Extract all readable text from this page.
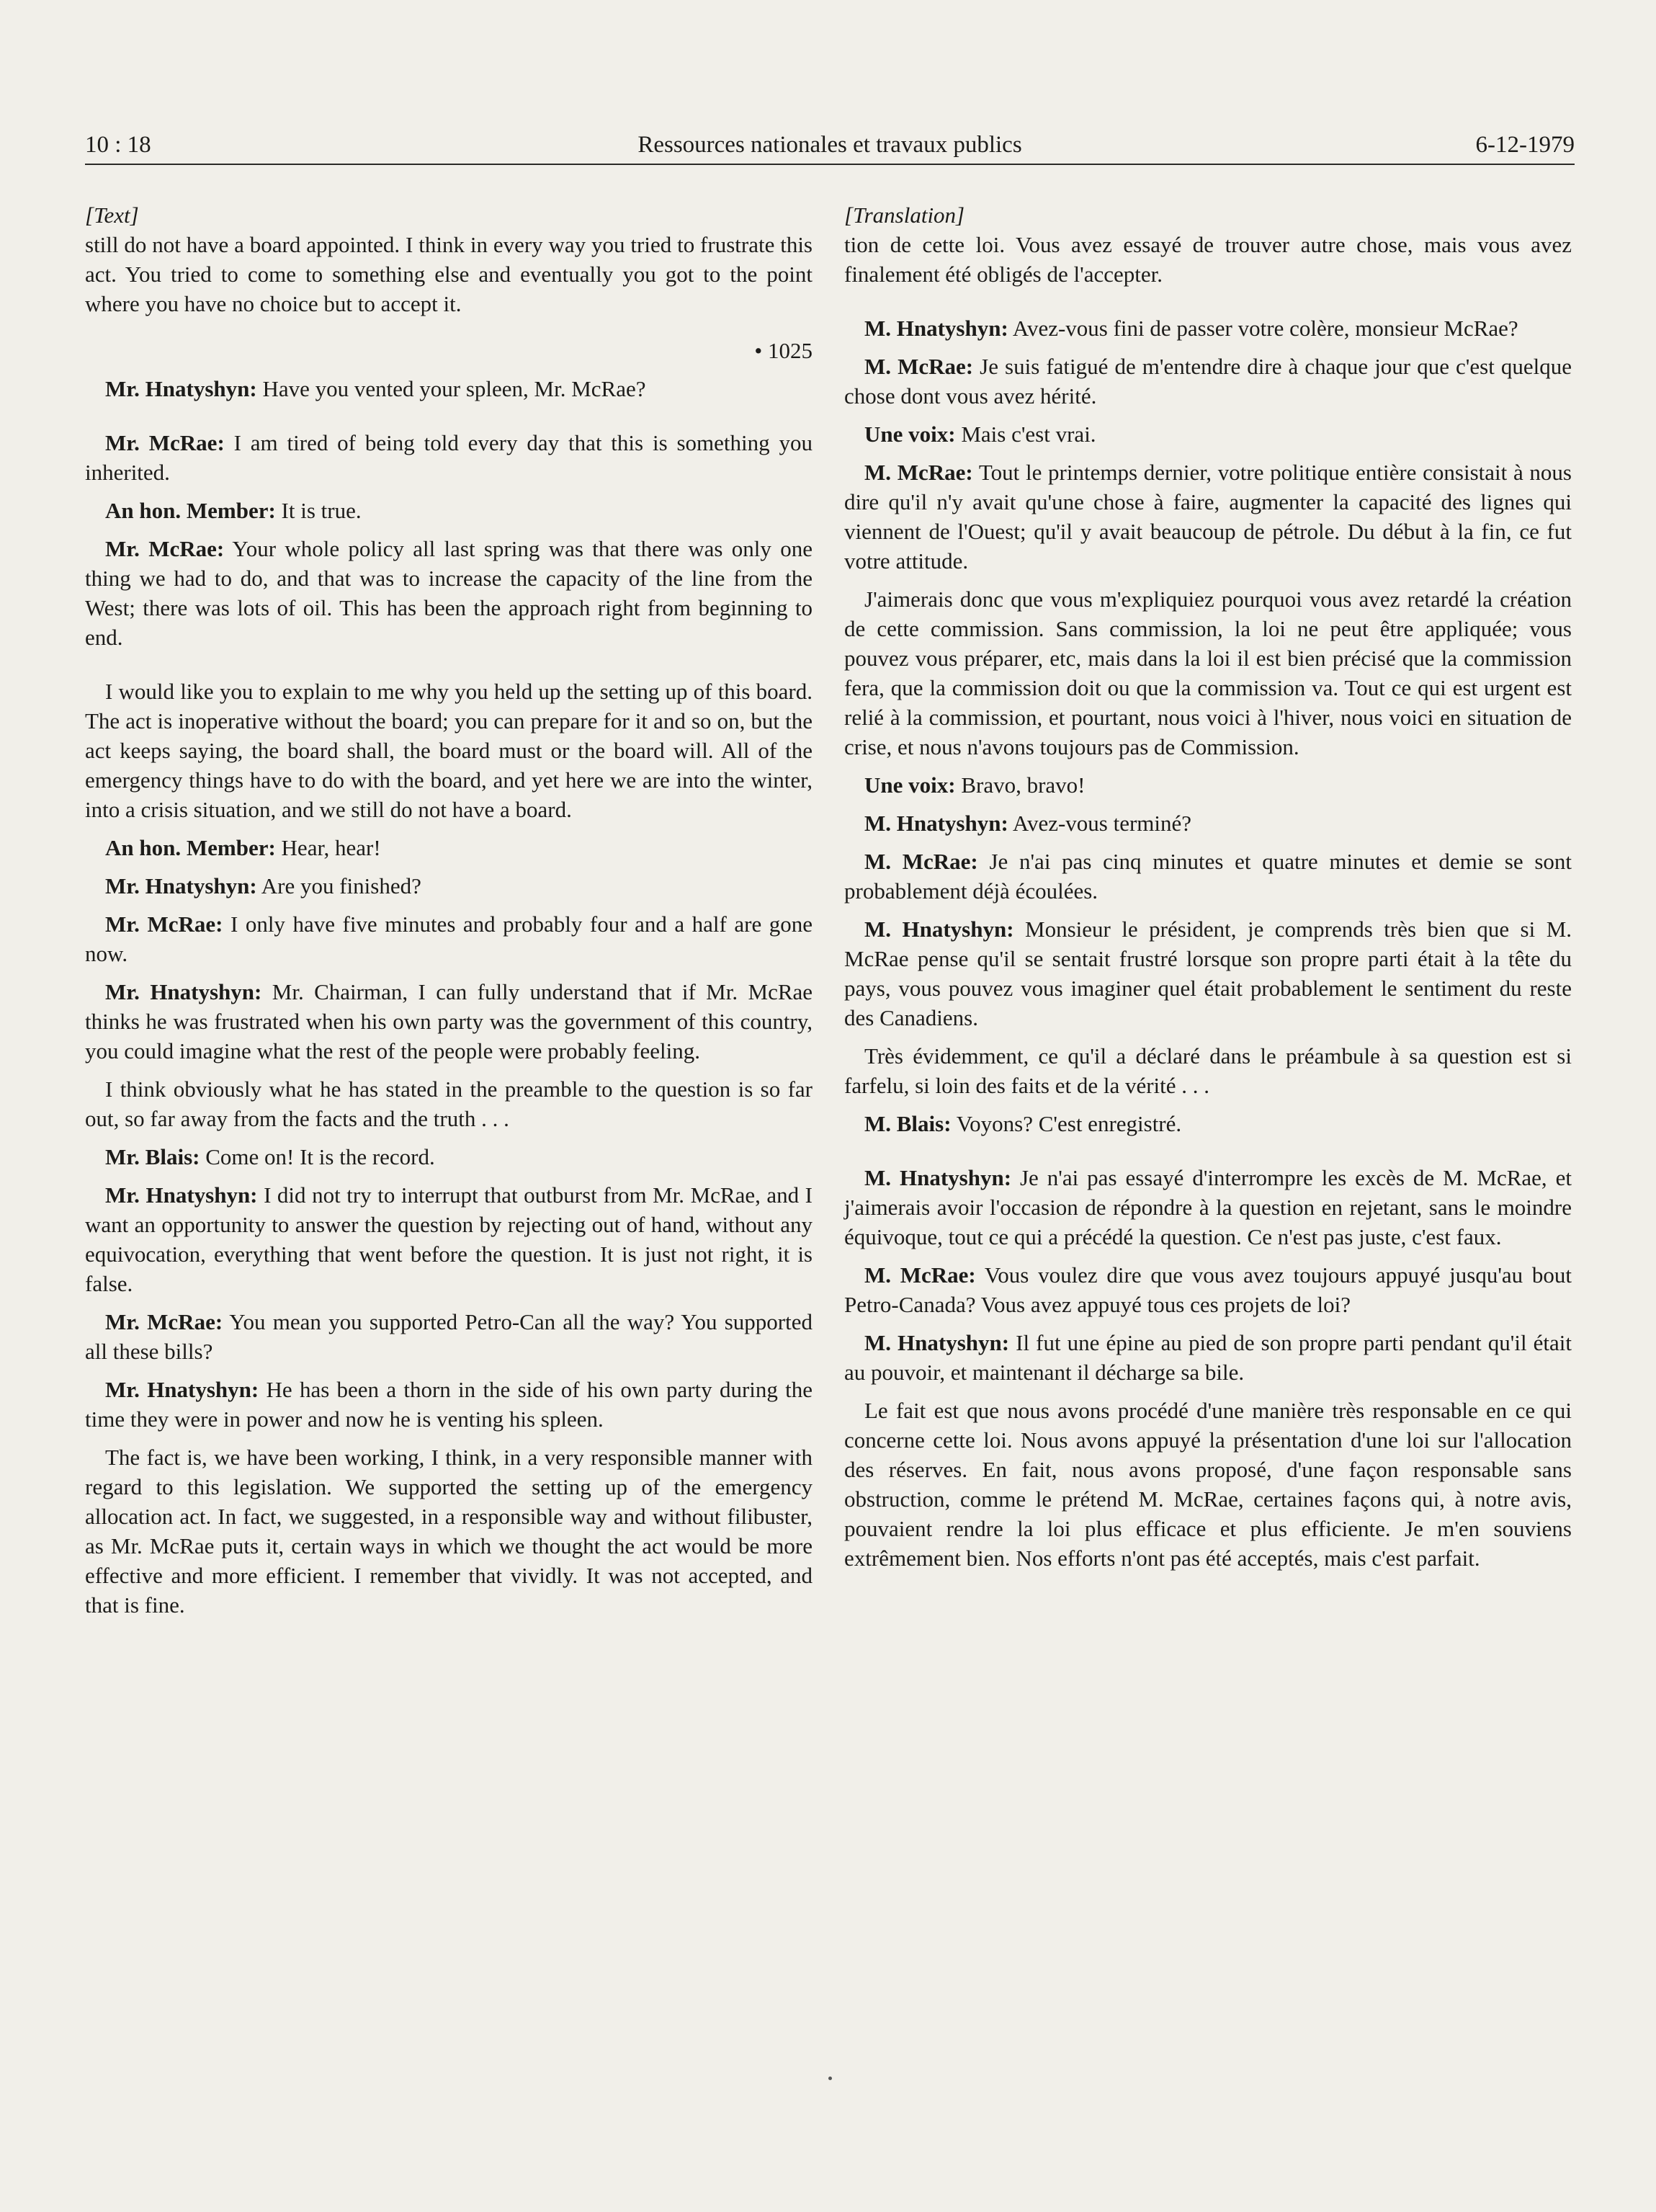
10 : 18	Ressources nationales et travaux publics	6-12-1979

[Text]

still do not have a board appointed. I think in every way you tried to frustrate this act. You tried to come to something else and eventually you got to the point where you have no choice but to accept it.

• 1025

Mr. Hnatyshyn: Have you vented your spleen, Mr. McRae?

Mr. McRae: I am tired of being told every day that this is something you inherited.

An hon. Member: It is true.

Mr. McRae: Your whole policy all last spring was that there was only one thing we had to do, and that was to increase the capacity of the line from the West; there was lots of oil. This has been the approach right from beginning to end.

I would like you to explain to me why you held up the setting up of this board. The act is inoperative without the board; you can prepare for it and so on, but the act keeps saying, the board shall, the board must or the board will. All of the emergency things have to do with the board, and yet here we are into the winter, into a crisis situation, and we still do not have a board.

An hon. Member: Hear, hear!

Mr. Hnatyshyn: Are you finished?

Mr. McRae: I only have five minutes and probably four and a half are gone now.

Mr. Hnatyshyn: Mr. Chairman, I can fully understand that if Mr. McRae thinks he was frustrated when his own party was the government of this country, you could imagine what the rest of the people were probably feeling.

I think obviously what he has stated in the preamble to the question is so far out, so far away from the facts and the truth . . .

Mr. Blais: Come on! It is the record.

Mr. Hnatyshyn: I did not try to interrupt that outburst from Mr. McRae, and I want an opportunity to answer the question by rejecting out of hand, without any equivocation, everything that went before the question. It is just not right, it is false.

Mr. McRae: You mean you supported Petro-Can all the way? You supported all these bills?

Mr. Hnatyshyn: He has been a thorn in the side of his own party during the time they were in power and now he is venting his spleen.

The fact is, we have been working, I think, in a very responsible manner with regard to this legislation. We supported the setting up of the emergency allocation act. In fact, we suggested, in a responsible way and without filibuster, as Mr. McRae puts it, certain ways in which we thought the act would be more effective and more efficient. I remember that vividly. It was not accepted, and that is fine.

[Translation]

tion de cette loi. Vous avez essayé de trouver autre chose, mais vous avez finalement été obligés de l'accepter.

M. Hnatyshyn: Avez-vous fini de passer votre colère, monsieur McRae?

M. McRae: Je suis fatigué de m'entendre dire à chaque jour que c'est quelque chose dont vous avez hérité.

Une voix: Mais c'est vrai.

M. McRae: Tout le printemps dernier, votre politique entière consistait à nous dire qu'il n'y avait qu'une chose à faire, augmenter la capacité des lignes qui viennent de l'Ouest; qu'il y avait beaucoup de pétrole. Du début à la fin, ce fut votre attitude.

J'aimerais donc que vous m'expliquiez pourquoi vous avez retardé la création de cette commission. Sans commission, la loi ne peut être appliquée; vous pouvez vous préparer, etc, mais dans la loi il est bien précisé que la commission fera, que la commission doit ou que la commission va. Tout ce qui est urgent est relié à la commission, et pourtant, nous voici à l'hiver, nous voici en situation de crise, et nous n'avons toujours pas de Commission.

Une voix: Bravo, bravo!

M. Hnatyshyn: Avez-vous terminé?

M. McRae: Je n'ai pas cinq minutes et quatre minutes et demie se sont probablement déjà écoulées.

M. Hnatyshyn: Monsieur le président, je comprends très bien que si M. McRae pense qu'il se sentait frustré lorsque son propre parti était à la tête du pays, vous pouvez vous imaginer quel était probablement le sentiment du reste des Canadiens.

Très évidemment, ce qu'il a déclaré dans le préambule à sa question est si farfelu, si loin des faits et de la vérité . . .

M. Blais: Voyons? C'est enregistré.

M. Hnatyshyn: Je n'ai pas essayé d'interrompre les excès de M. McRae, et j'aimerais avoir l'occasion de répondre à la question en rejetant, sans le moindre équivoque, tout ce qui a précédé la question. Ce n'est pas juste, c'est faux.

M. McRae: Vous voulez dire que vous avez toujours appuyé jusqu'au bout Petro-Canada? Vous avez appuyé tous ces projets de loi?

M. Hnatyshyn: Il fut une épine au pied de son propre parti pendant qu'il était au pouvoir, et maintenant il décharge sa bile.

Le fait est que nous avons procédé d'une manière très responsable en ce qui concerne cette loi. Nous avons appuyé la présentation d'une loi sur l'allocation des réserves. En fait, nous avons proposé, d'une façon responsable sans obstruction, comme le prétend M. McRae, certaines façons qui, à notre avis, pouvaient rendre la loi plus efficace et plus efficiente. Je m'en souviens extrêmement bien. Nos efforts n'ont pas été acceptés, mais c'est parfait.
